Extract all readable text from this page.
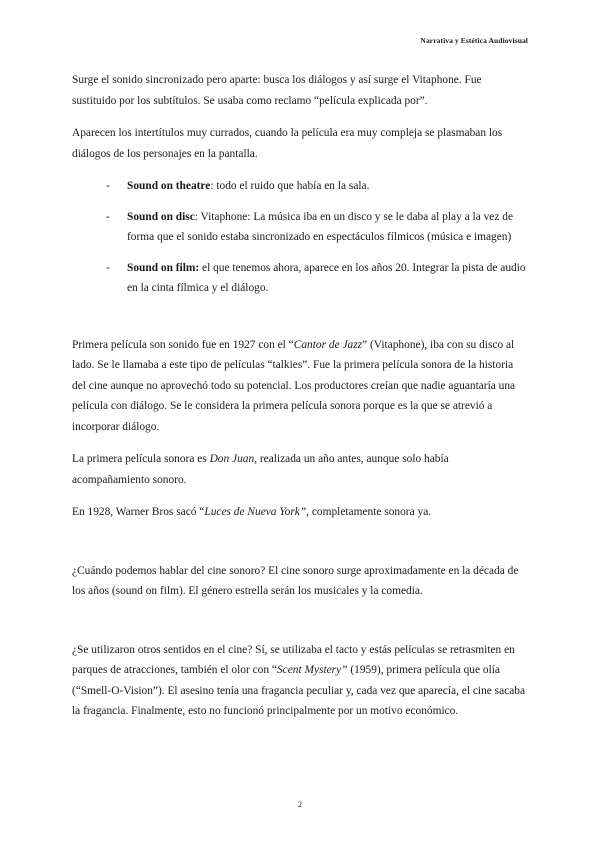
Narrativa y Estética Audiovisual

Surge el sonido sincronizado pero aparte: busca los diálogos y así surge el Vitaphone. Fue sustituido por los subtítulos. Se usaba como reclamo “película explicada por”.

Aparecen los intertítulos muy currados, cuando la película era muy compleja se plasmaban los diálogos de los personajes en la pantalla.

- Sound on theatre: todo el ruido que había en la sala.
- Sound on disc: Vitaphone: La música iba en un disco y se le daba al play a la vez de forma que el sonido estaba sincronizado en espectáculos fílmicos (música e imagen)
- Sound on film: el que tenemos ahora, aparece en los años 20. Integrar la pista de audio en la cinta fílmica y el diálogo.

Primera película son sonido fue en 1927 con el “Cantor de Jazz” (Vitaphone), iba con su disco al lado. Se le llamaba a este tipo de películas “talkies”. Fue la primera película sonora de la historia del cine aunque no aprovechó todo su potencial. Los productores creían que nadie aguantaría una película con diálogo. Se le considera la primera película sonora porque es la que se atrevió a incorporar diálogo.

La primera película sonora es Don Juan, realizada un año antes, aunque solo había acompañamiento sonoro.

En 1928, Warner Bros sacó “Luces de Nueva York”, completamente sonora ya.

¿Cuándo podemos hablar del cine sonoro? El cine sonoro surge aproximadamente en la década de los años (sound on film). El género estrella serán los musicales y la comedia.

¿Se utilizaron otros sentidos en el cine? Sí, se utilizaba el tacto y estás películas se retrasmiten en parques de atracciones, también el olor con “Scent Mystery” (1959), primera película que olía (“Smell-O-Vision”). El asesino tenía una fragancia peculiar y, cada vez que aparecía, el cine sacaba la fragancia. Finalmente, esto no funcionó principalmente por un motivo económico.

2
